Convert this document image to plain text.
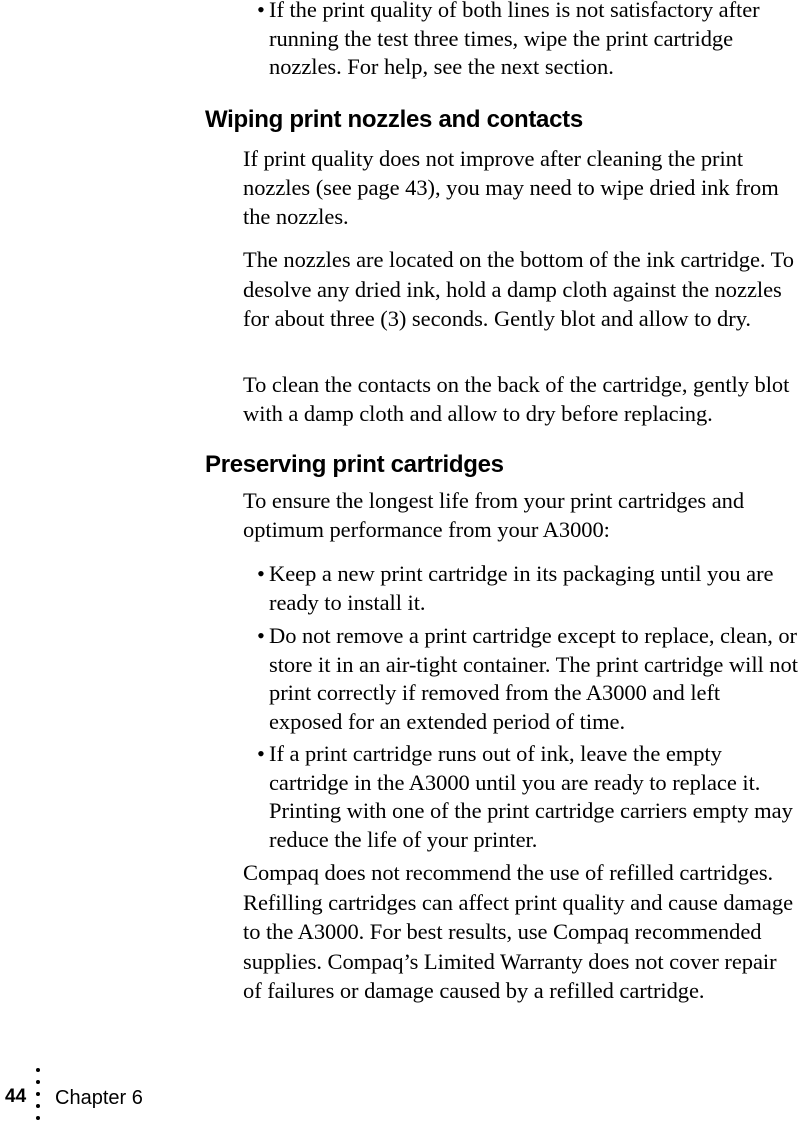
• If the print quality of both lines is not satisfactory after running the test three times, wipe the print cartridge nozzles. For help, see the next section.
Wiping print nozzles and contacts

If print quality does not improve after cleaning the print nozzles (see page 43), you may need to wipe dried ink from the nozzles.

The nozzles are located on the bottom of the ink cartridge. To desolve any dried ink, hold a damp cloth against the nozzles for about three (3) seconds. Gently blot and allow to dry.

To clean the contacts on the back of the cartridge, gently blot with a damp cloth and allow to dry before replacing.

Preserving print cartridges

To ensure the longest life from your print cartridges and optimum performance from your A3000:

• Keep a new print cartridge in its packaging until you are ready to install it.
• Do not remove a print cartridge except to replace, clean, or store it in an air-tight container. The print cartridge will not print correctly if removed from the A3000 and left exposed for an extended period of time.
• If a print cartridge runs out of ink, leave the empty cartridge in the A3000 until you are ready to replace it. Printing with one of the print cartridge carriers empty may reduce the life of your printer.

Compaq does not recommend the use of refilled cartridges. Refilling cartridges can affect print quality and cause damage to the A3000. For best results, use Compaq recommended supplies. Compaq’s Limited Warranty does not cover repair of failures or damage caused by a refilled cartridge.

44 Chapter 6
